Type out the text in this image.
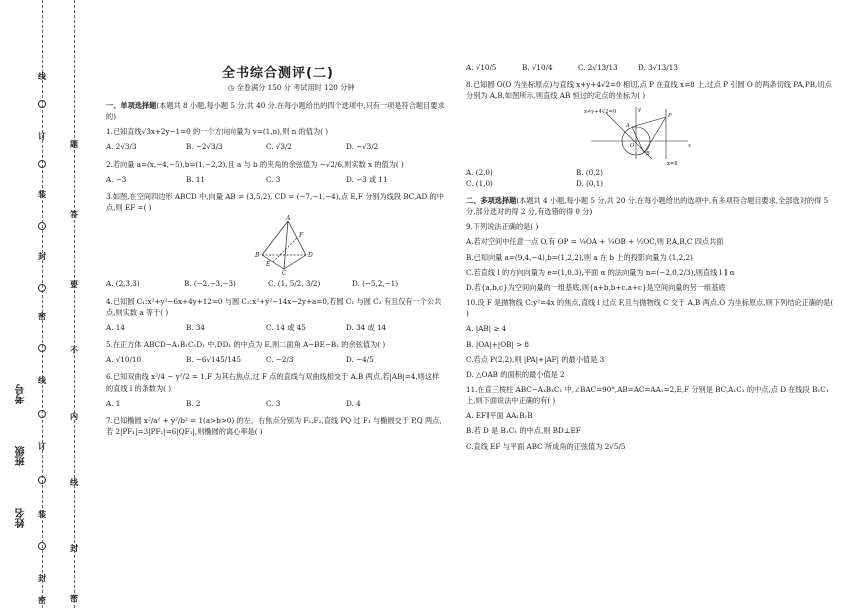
线
订
装
封
密
线
订
装
封
密
题
答
要
不
内
线
封
密
考号
班级
姓名
全书综合测评(二)
◷ 全卷满分 150 分 考试用时 120 分钟

一、单项选择题(本题共 8 小题,每小题 5 分,共 40 分.在每小题给出的四个选项中,只有一项是符合题目要求的)

1.已知直线√3x+2y−1=0 的一个方向向量为 v=(1,n),则 n 的值为( )

A. 2√3/3	B. −2√3/3	C. √3/2	D. −√3/2

2.若向量 a=(x,−4,−5),b=(1,−2,2),且 a 与 b 的夹角的余弦值为 −√2/6,则实数 x 的值为( )

A. −3	B. 11	C. 3	D. −3 或 11

3.如图,在空间四边形 ABCD 中,向量 AB = (3,5,2), CD = (−7,−1,−4),点 E,F 分别为线段 BC,AD 的中点,则 EF =( )

A
B
C
D
E
F
A. (2,3,3)	B. (−2,−3,−3)	C. (1, 5/2, 3/2)	D. (−5,2,−1)

4.已知圆 C₁:x²+y²−6x+4y+12=0 与圆 C₂:x²+y²−14x−2y+a=0,若圆 C₁ 与圆 C₂ 有且仅有一个公共点,则实数 a 等于( )

A. 14	B. 34	C. 14 或 45	D. 34 或 14

5.在正方体 ABCD−A₁B₁C₁D₁ 中,DD₁ 的中点为 E,则二面角 A−BE−B₁ 的余弦值为( )

A. √10/10	B. −6√145/145	C. −2/3	D. −4/5

6.已知双曲线 x²/4 − y²/2 = 1,F 为其右焦点,过 F 点的直线与双曲线相交于 A,B 两点,若|AB|=4,则这样的直线 l 的条数为( )

A. 1	B. 2	C. 3	D. 4

7.已知椭圆 x²/a² + y²/b² = 1(a>b>0) 的左、右焦点分别为 F₁,F₂,直线 PQ 过 F₁ 与椭圆交于 P,Q 两点,若 2|PF₁|=3|PF₂|=6|QF₁|,则椭圆的离心率是( )

A. √10/5	B. √10/4	C. 2√13/13	D. 3√13/13

8.已知圆 O(O 为坐标原点)与直线 x+y+4√2=0 相切,点 P 在直线 x=8 上,过点 P 引圆 O 的两条切线 PA,PB,切点分别为 A,B,如图所示,则直线 AB 恒过的定点的坐标为( )

x+y+4√2=0
x=8
y
P
A
O
B
x
A. (2,0)	B. (0,2)
C. (1,0)	D. (0,1)

二、多项选择题(本题共 4 小题,每小题 5 分,共 20 分.在每小题给出的选项中,有多项符合题目要求,全部选对的得 5 分,部分选对的得 2 分,有选错的得 0 分)

9.下列说法正确的是( )

A.若对空间中任意一点 O,有 OP = ¼OA + ¼OB + ½OC,则 P,A,B,C 四点共面

B.已知向量 a=(9,4,−4),b=(1,2,2),则 a 在 b 上的投影向量为 (1,2,2)

C.若直线 l 的方向向量为 e=(1,0,3),平面 α 的法向量为 n=(−2,0,2/3),则直线 l ∥ α

D.若{a,b,c}为空间向量的一组基底,则{a+b,b+c,a+c}是空间向量的另一组基底

10.设 F 是抛物线 C:y²=4x 的焦点,直线 l 过点 F,且与抛物线 C 交于 A,B 两点,O 为坐标原点,则下列结论正确的是( )

A. |AB| ≥ 4

B. |OA|+|OB| > 8

C.若点 P(2,2),则 |PA|+|AF| 的最小值是 3

D. △OAB 的面积的最小值是 2

11.在直三棱柱 ABC−A₁B₁C₁ 中,∠BAC=90°,AB=AC=AA₁=2,E,F 分别是 BC,A₁C₁ 的中点,点 D 在线段 B₁C₁ 上,则下面说法中正确的有( )

A. EF∥平面 AA₁B₁B

B.若 D 是 B₁C₁ 的中点,则 BD⊥EF

C.直线 EF 与平面 ABC 所成角的正弦值为 2√5/5
